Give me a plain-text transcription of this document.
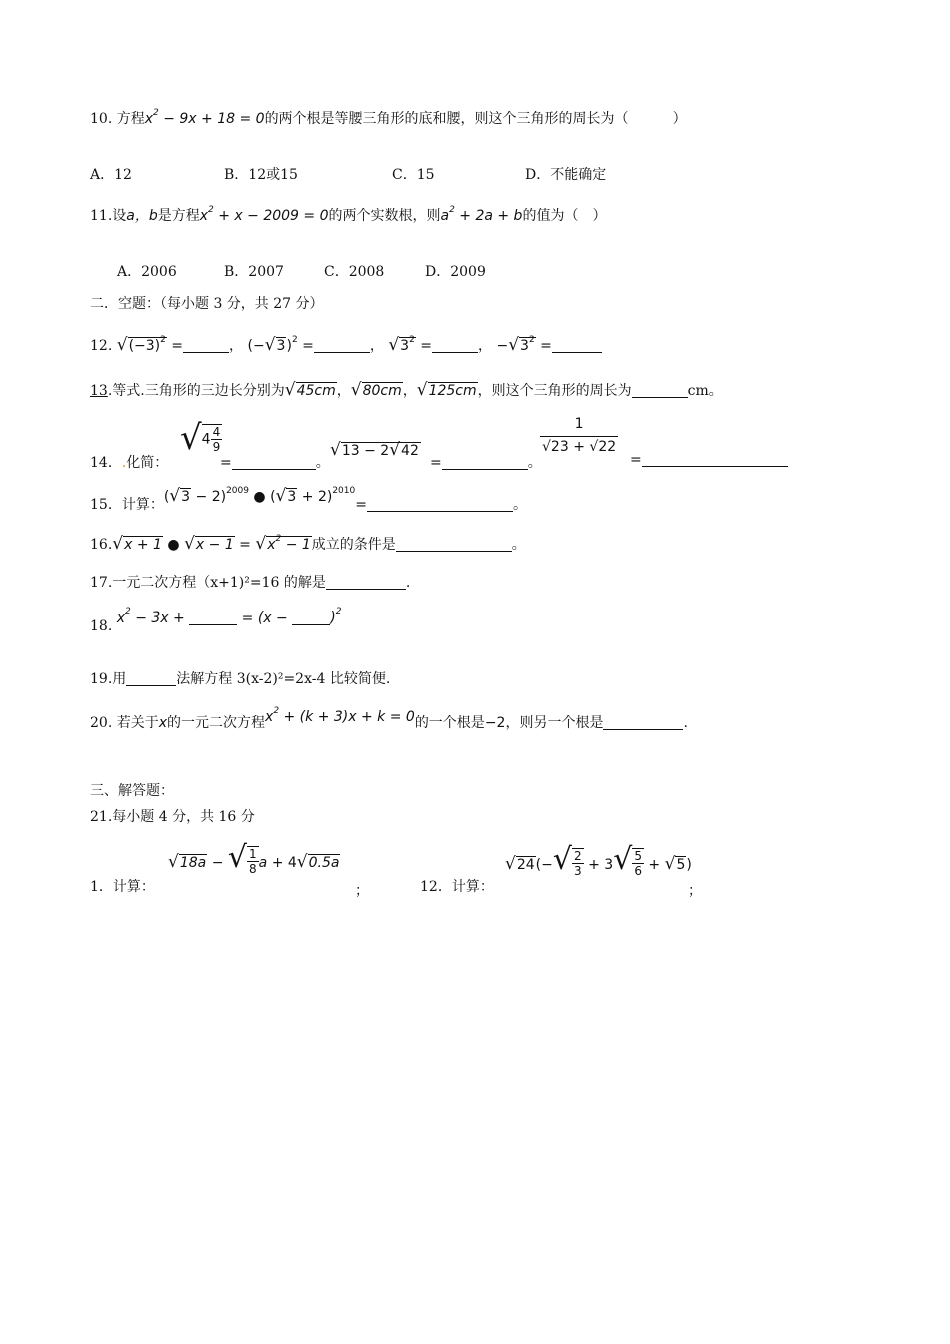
10. 方程$x^2 - 9x + 18 = 0$的两个根是等腰三角形的底和腰，则这个三角形的周长为（	）
A．12	B．12或15	C．15	D．不能确定
11.设a，b是方程$x^2 + x - 2009 = 0$的两个实数根，则$a^2 + 2a + b$的值为（　）
A．2006	B．2007	C．2008	D．2009
二．空题：（每小题 3 分，共 27 分）
12. $√(-3)^2$ =	， $(-√3)^2$ =	， $√3^2$ =	， $-√3^2$ =
13.等式.三角形的三边长分别为√45cm，√80cm，√125cm，则这个三角形的周长为	cm。
14．.化简：
$√4 \frac{4}{9}$
=	。
√13 − 2√42
=	。
$\frac{1}{√23 + √22}$
=
15．计算：$(√3 - 2)^{2009}$ ● $(√3 + 2)^{2010}=$	。
16.√x + 1 ● $√x - 1 = √x^2 - 1$成立的条件是	。
17.一元二次方程（x+1)²=16 的解是	.
18. $x^2 - 3x$ +	= (x −	)$^2$
19.用	法解方程 3(x-2)²=2x-4 比较简便.
20. 若关于x的一元二次方程$x^2 + (k + 3)x + k = 0$的一个根是−2，则另一个根是	.
三、解答题：
21.每小题 4 分，共 16 分
1．计算：
√18a − √ $\frac{1}{8}$ a + 4√0.5a
；	12．计算：
$√24(-√ \frac{2}{3} + 3√ \frac{5}{6} + √5)$
；
